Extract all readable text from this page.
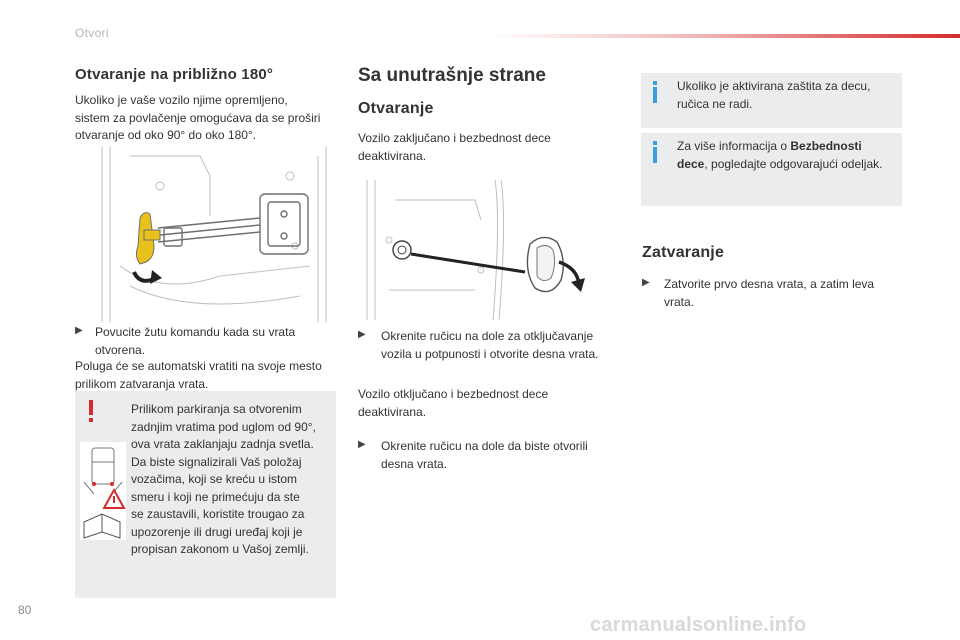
Otvori
Otvaranje na približno 180°

Ukoliko je vaše vozilo njime opremljeno,

sistem za povlačenje omogućava da se proširi

otvaranje od oko 90° do oko 180°.

▶︎ Povucite žutu komandu kada su vrata

otvorena.

Poluga će se automatski vratiti na svoje mesto

prilikom zatvaranja vrata.

Prilikom parkiranja sa otvorenim

zadnjim vratima pod uglom od 90°,

ova vrata zaklanjaju zadnja svetla.

Da biste signalizirali Vaš položaj

vozačima, koji se kreću u istom

smeru i koji ne primećuju da ste

se zaustavili, koristite trougao za

upozorenje ili drugi uređaj koji je

propisan zakonom u Vašoj zemlji.

Sa unutrašnje strane
Otvaranje

Vozilo zaključano i bezbednost dece

deaktivirana.

▶︎ Okrenite ručicu na dole za otključavanje

vozila u potpunosti i otvorite desna vrata.

Vozilo otključano i bezbednost dece

deaktivirana.

▶︎ Okrenite ručicu na dole da biste otvorili

desna vrata.

Ukoliko je aktivirana zaštita za decu,

ručica ne radi.

Za više informacija o Bezbednosti

dece, pogledajte odgovarajući odeljak.

Zatvaranje
▶︎ Zatvorite prvo desna vrata, a zatim leva

vrata.

80
carmanualsonline.info
